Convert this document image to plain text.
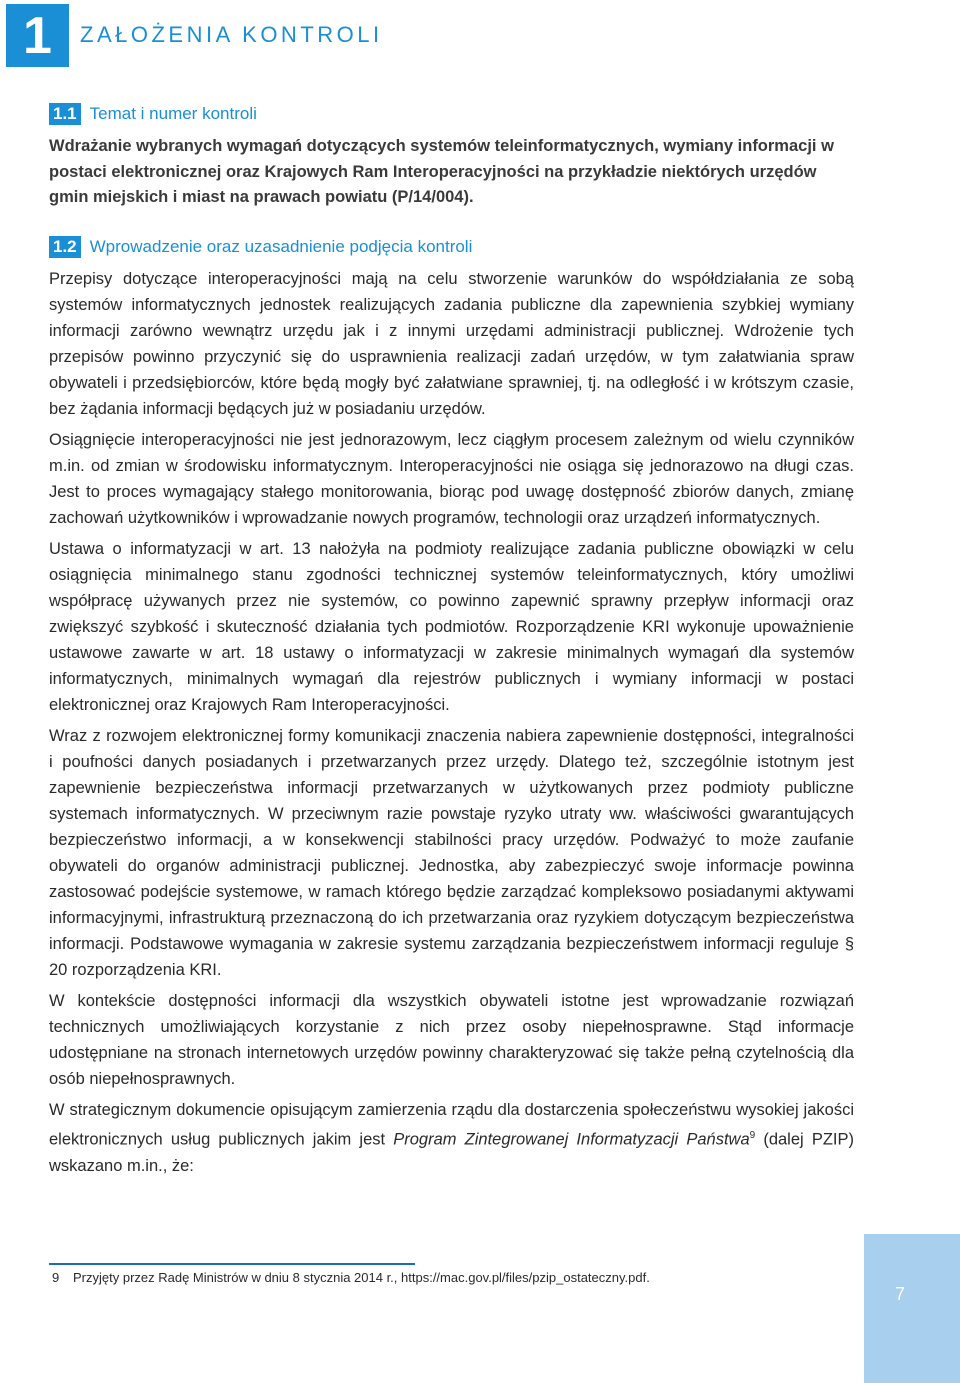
1 ZAŁOŻENIA KONTROLI
1.1 Temat i numer kontroli
Wdrażanie wybranych wymagań dotyczących systemów teleinformatycznych, wymiany informacji w postaci elektronicznej oraz Krajowych Ram Interoperacyjności na przykładzie niektórych urzędów gmin miejskich i miast na prawach powiatu (P/14/004).
1.2 Wprowadzenie oraz uzasadnienie podjęcia kontroli

Przepisy dotyczące interoperacyjności mają na celu stworzenie warunków do współdziałania ze sobą systemów informatycznych jednostek realizujących zadania publiczne dla zapewnienia szybkiej wymiany informacji zarówno wewnątrz urzędu jak i z innymi urzędami administracji publicznej. Wdrożenie tych przepisów powinno przyczynić się do usprawnienia realizacji zadań urzędów, w tym załatwiania spraw obywateli i przedsiębiorców, które będą mogły być załatwiane sprawniej, tj. na odległość i w krótszym czasie, bez żądania informacji będących już w posiadaniu urzędów.

Osiągnięcie interoperacyjności nie jest jednorazowym, lecz ciągłym procesem zależnym od wielu czynników m.in. od zmian w środowisku informatycznym. Interoperacyjności nie osiąga się jednorazowo na długi czas. Jest to proces wymagający stałego monitorowania, biorąc pod uwagę dostępność zbiorów danych, zmianę zachowań użytkowników i wprowadzanie nowych programów, technologii oraz urządzeń informatycznych.

Ustawa o informatyzacji w art. 13 nałożyła na podmioty realizujące zadania publiczne obowiązki w celu osiągnięcia minimalnego stanu zgodności technicznej systemów teleinformatycznych, który umożliwi współpracę używanych przez nie systemów, co powinno zapewnić sprawny przepływ informacji oraz zwiększyć szybkość i skuteczność działania tych podmiotów. Rozporządzenie KRI wykonuje upoważnienie ustawowe zawarte w art. 18 ustawy o informatyzacji w zakresie minimalnych wymagań dla systemów informatycznych, minimalnych wymagań dla rejestrów publicznych i wymiany informacji w postaci elektronicznej oraz Krajowych Ram Interoperacyjności.

Wraz z rozwojem elektronicznej formy komunikacji znaczenia nabiera zapewnienie dostępności, integralności i poufności danych posiadanych i przetwarzanych przez urzędy. Dlatego też, szczególnie istotnym jest zapewnienie bezpieczeństwa informacji przetwarzanych w użytkowanych przez podmioty publiczne systemach informatycznych. W przeciwnym razie powstaje ryzyko utraty ww. właściwości gwarantujących bezpieczeństwo informacji, a w konsekwencji stabilności pracy urzędów. Podważyć to może zaufanie obywateli do organów administracji publicznej. Jednostka, aby zabezpieczyć swoje informacje powinna zastosować podejście systemowe, w ramach którego będzie zarządzać kompleksowo posiadanymi aktywami informacyjnymi, infrastrukturą przeznaczoną do ich przetwarzania oraz ryzykiem dotyczącym bezpieczeństwa informacji. Podstawowe wymagania w zakresie systemu zarządzania bezpieczeństwem informacji reguluje § 20 rozporządzenia KRI.

W kontekście dostępności informacji dla wszystkich obywateli istotne jest wprowadzanie rozwiązań technicznych umożliwiających korzystanie z nich przez osoby niepełnosprawne. Stąd informacje udostępniane na stronach internetowych urzędów powinny charakteryzować się także pełną czytelnością dla osób niepełnosprawnych.

W strategicznym dokumencie opisującym zamierzenia rządu dla dostarczenia społeczeństwu wysokiej jakości elektronicznych usług publicznych jakim jest Program Zintegrowanej Informatyzacji Państwa$^9$ (dalej PZIP) wskazano m.in., że:

9	Przyjęty przez Radę Ministrów w dniu 8 stycznia 2014 r., https://mac.gov.pl/files/pzip_ostateczny.pdf.
7
